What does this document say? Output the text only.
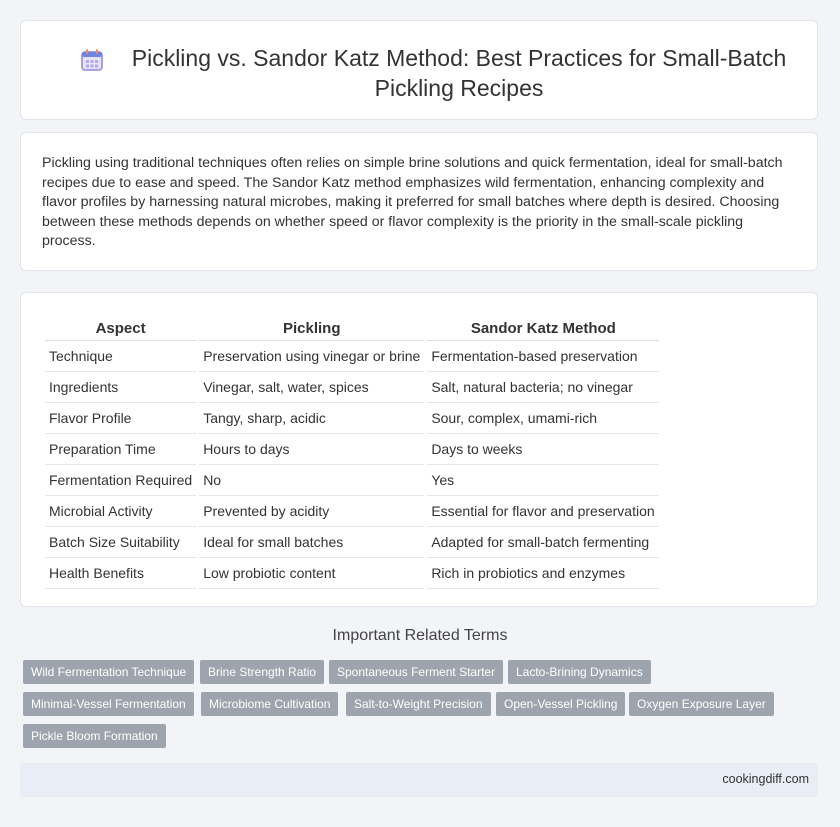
Pickling vs. Sandor Katz Method: Best Practices for Small-Batch Pickling Recipes

Pickling using traditional techniques often relies on simple brine solutions and quick fermentation, ideal for small-batch recipes due to ease and speed. The Sandor Katz method emphasizes wild fermentation, enhancing complexity and flavor profiles by harnessing natural microbes, making it preferred for small batches where depth is desired. Choosing between these methods depends on whether speed or flavor complexity is the priority in the small-scale pickling process.

Aspect	Pickling	Sandor Katz Method
Technique	Preservation using vinegar or brine	Fermentation-based preservation
Ingredients	Vinegar, salt, water, spices	Salt, natural bacteria; no vinegar
Flavor Profile	Tangy, sharp, acidic	Sour, complex, umami-rich
Preparation Time	Hours to days	Days to weeks
Fermentation Required	No	Yes
Microbial Activity	Prevented by acidity	Essential for flavor and preservation
Batch Size Suitability	Ideal for small batches	Adapted for small-batch fermenting
Health Benefits	Low probiotic content	Rich in probiotics and enzymes
Important Related Terms
Wild Fermentation Technique	Brine Strength Ratio	Spontaneous Ferment Starter	Lacto-Brining Dynamics
Minimal-Vessel Fermentation	Microbiome Cultivation	Salt-to-Weight Precision	Open-Vessel Pickling	Oxygen Exposure Layer
Pickle Bloom Formation
cookingdiff.com
